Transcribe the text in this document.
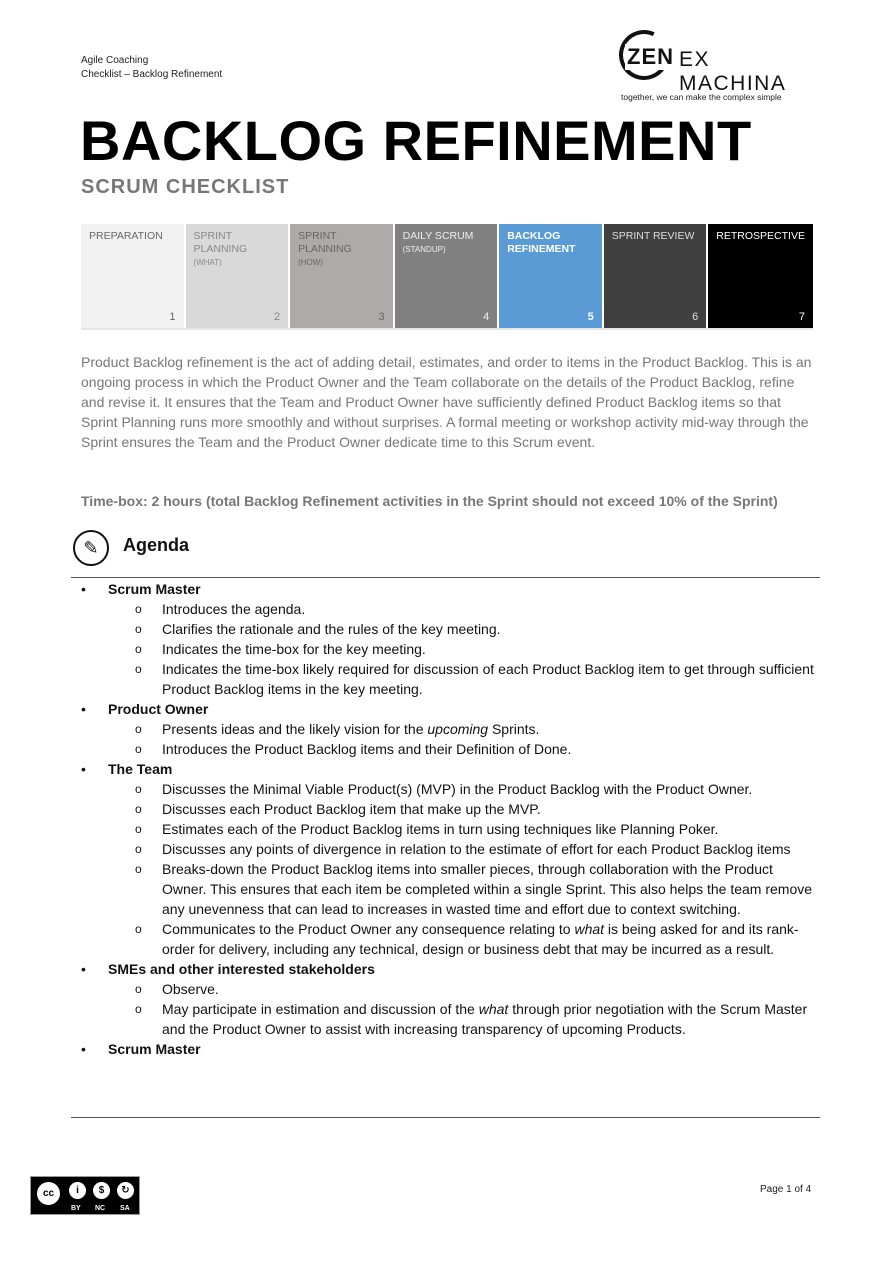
Agile Coaching
Checklist – Backlog Refinement
ZEN EX MACHINA
together, we can make the complex simple
BACKLOG REFINEMENT
SCRUM CHECKLIST
PREPARATION
1
SPRINT PLANNING
(WHAT)
2
SPRINT PLANNING
(HOW)
3
DAILY SCRUM
(STANDUP)
4
BACKLOG REFINEMENT
5
SPRINT REVIEW
6
RETROSPECTIVE
7

Product Backlog refinement is the act of adding detail, estimates, and order to items in the Product Backlog. This is an ongoing process in which the Product Owner and the Team collaborate on the details of the Product Backlog, refine and revise it. It ensures that the Team and Product Owner have sufficiently defined Product Backlog items so that Sprint Planning runs more smoothly and without surprises. A formal meeting or workshop activity mid-way through the Sprint ensures the Team and the Product Owner dedicate time to this Scrum event.

Time-box: 2 hours (total Backlog Refinement activities in the Sprint should not exceed 10% of the Sprint)

✎	Agenda
• Scrum Master
o Introduces the agenda.
o Clarifies the rationale and the rules of the key meeting.
o Indicates the time-box for the key meeting.
o Indicates the time-box likely required for discussion of each Product Backlog item to get through sufficient Product Backlog items in the key meeting.
• Product Owner
o Presents ideas and the likely vision for the upcoming Sprints.
o Introduces the Product Backlog items and their Definition of Done.
• The Team
o Discusses the Minimal Viable Product(s) (MVP) in the Product Backlog with the Product Owner.
o Discusses each Product Backlog item that make up the MVP.
o Estimates each of the Product Backlog items in turn using techniques like Planning Poker.
o Discusses any points of divergence in relation to the estimate of effort for each Product Backlog items
o Breaks-down the Product Backlog items into smaller pieces, through collaboration with the Product Owner. This ensures that each item be completed within a single Sprint. This also helps the team remove any unevenness that can lead to increases in wasted time and effort due to context switching.
o Communicates to the Product Owner any consequence relating to what is being asked for and its rank-order for delivery, including any technical, design or business debt that may be incurred as a result.
• SMEs and other interested stakeholders
o Observe.
o May participate in estimation and discussion of the what through prior negotiation with the Scrum Master and the Product Owner to assist with increasing transparency of upcoming Products.
• Scrum Master
cc	i	$	↻
BY NC SA
Page 1 of 4
